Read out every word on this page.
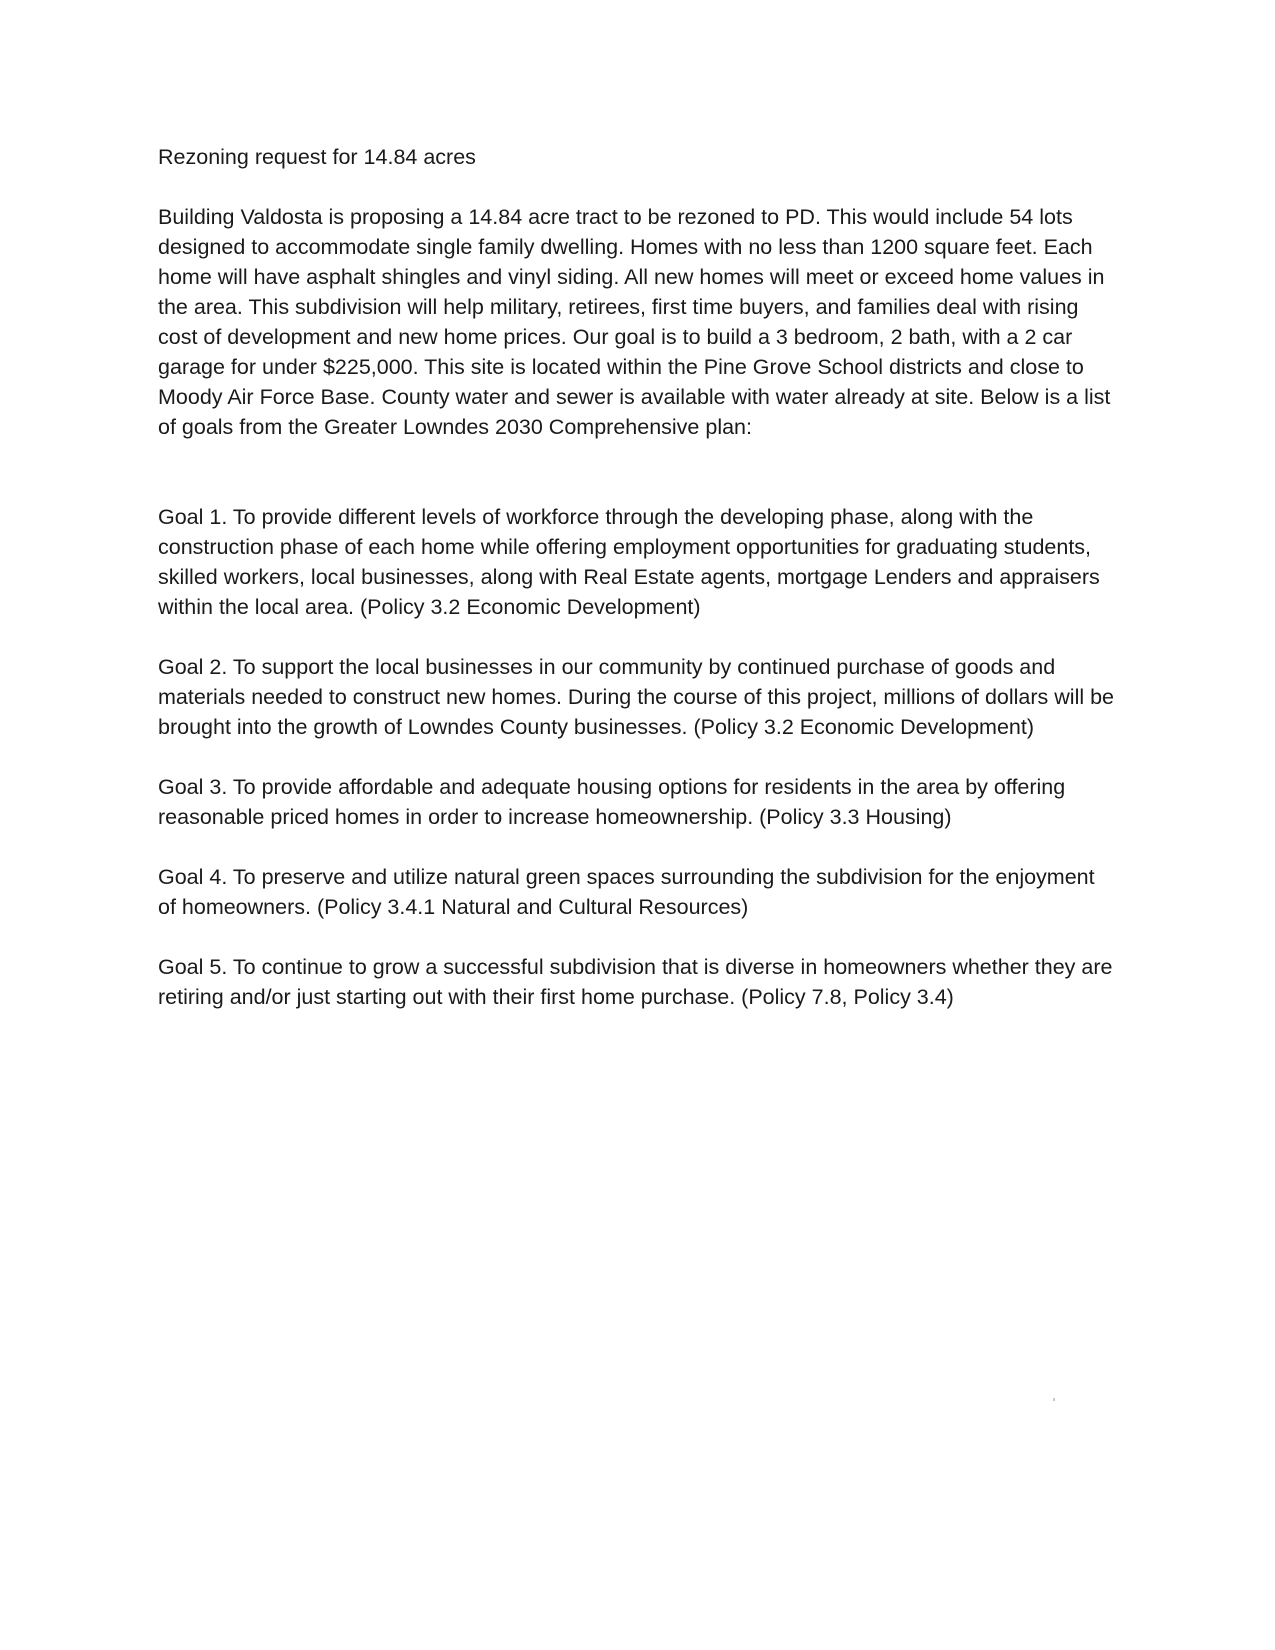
Rezoning request for 14.84 acres

Building Valdosta is proposing a 14.84 acre tract to be rezoned to PD. This would include 54 lots designed to accommodate single family dwelling. Homes with no less than 1200 square feet. Each home will have asphalt shingles and vinyl siding. All new homes will meet or exceed home values in the area. This subdivision will help military, retirees, first time buyers, and families deal with rising cost of development and new home prices. Our goal is to build a 3 bedroom, 2 bath, with a 2 car garage for under $225,000. This site is located within the Pine Grove School districts and close to Moody Air Force Base. County water and sewer is available with water already at site. Below is a list of goals from the Greater Lowndes 2030 Comprehensive plan:

Goal 1. To provide different levels of workforce through the developing phase, along with the construction phase of each home while offering employment opportunities for graduating students, skilled workers, local businesses, along with Real Estate agents, mortgage Lenders and appraisers within the local area. (Policy 3.2 Economic Development)

Goal 2. To support the local businesses in our community by continued purchase of goods and materials needed to construct new homes. During the course of this project, millions of dollars will be brought into the growth of Lowndes County businesses. (Policy 3.2 Economic Development)

Goal 3. To provide affordable and adequate housing options for residents in the area by offering reasonable priced homes in order to increase homeownership. (Policy 3.3 Housing)

Goal 4. To preserve and utilize natural green spaces surrounding the subdivision for the enjoyment of homeowners. (Policy 3.4.1 Natural and Cultural Resources)

Goal 5. To continue to grow a successful subdivision that is diverse in homeowners whether they are retiring and/or just starting out with their first home purchase. (Policy 7.8, Policy 3.4)
